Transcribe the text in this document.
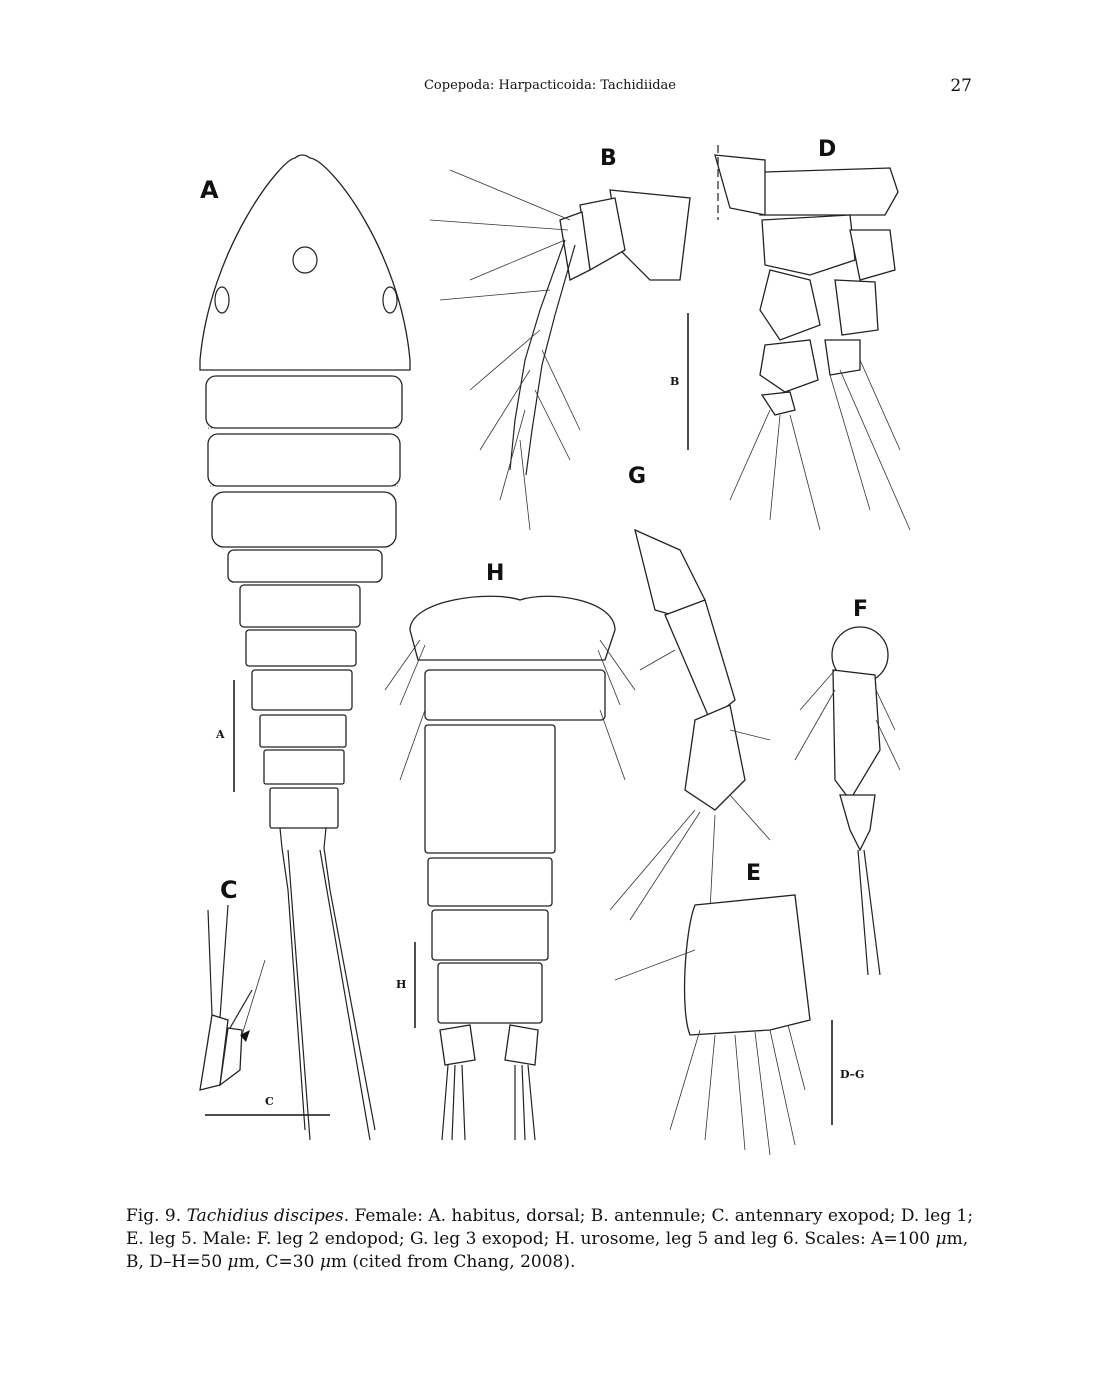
Copepoda: Harpacticoida: Tachidiidae	27
A
B	D
G
H
F
E
C
A
B
C
H
D–G
Fig. 9. Tachidius discipes. Female: A. habitus, dorsal; B. antennule; C. antennary exopod; D. leg 1; E. leg 5. Male: F. leg 2 endopod; G. leg 3 exopod; H. urosome, leg 5 and leg 6. Scales: A=100 μm, B, D–H=50 μm, C=30 μm (cited from Chang, 2008).
